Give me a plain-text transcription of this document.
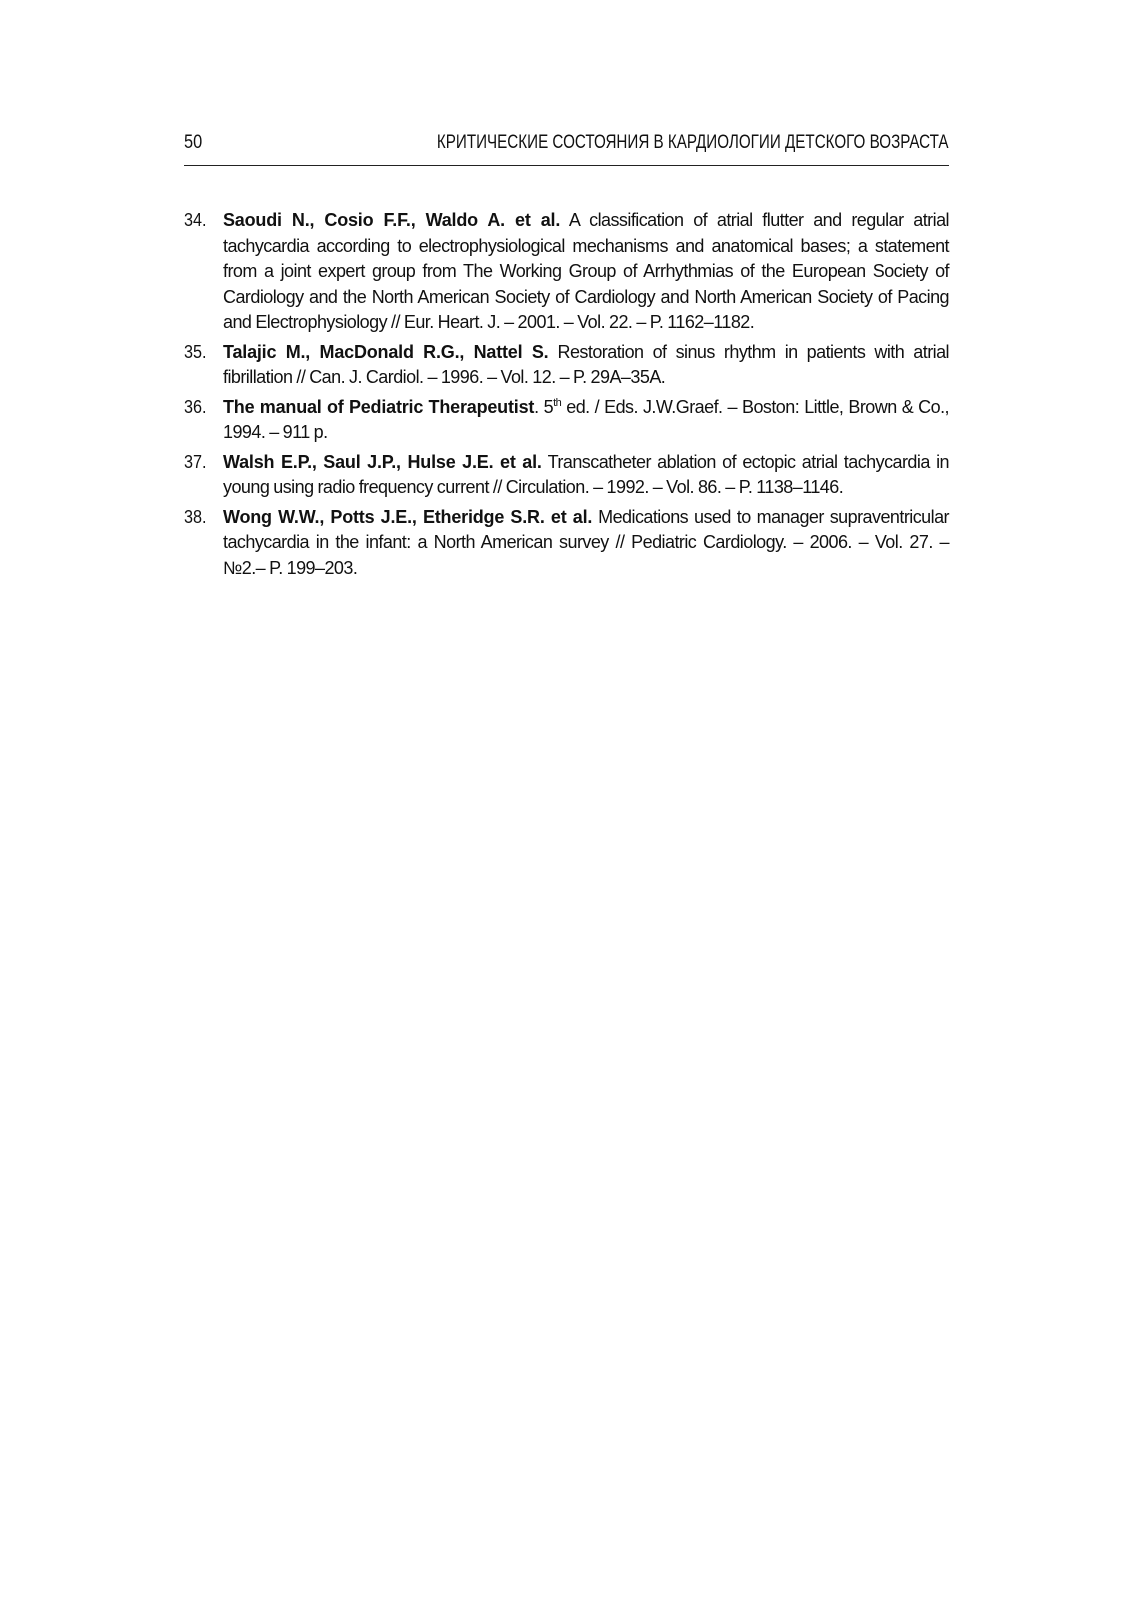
50	КРИТИЧЕСКИЕ СОСТОЯНИЯ В КАРДИОЛОГИИ ДЕТСКОГО ВОЗРАСТА
34. Saoudi N., Cosio F.F., Waldo A. et al. A classification of atrial flutter and regular atrial tachycardia according to electrophysiological mechanisms and anatomical bases; a statement from a joint expert group from The Working Group of Arrhythmias of the European Society of Cardiology and the North American Society of Cardiology and North American Society of Pacing and Electrophysiology // Eur. Heart. J. – 2001. – Vol. 22. – P. 1162–1182.
35. Talajic M., MacDonald R.G., Nattel S. Restoration of sinus rhythm in patients with atrial fibrillation // Can. J. Cardiol. – 1996. – Vol. 12. – P. 29A–35A.
36. The manual of Pediatric Therapeutist. 5th ed. / Eds. J.W.Graef. – Boston: Little, Brown & Co., 1994. – 911 p.
37. Walsh E.P., Saul J.P., Hulse J.E. et al. Transcatheter ablation of ectopic atrial tachycardia in young using radio frequency current // Circulation. – 1992. – Vol. 86. – P. 1138–1146.
38. Wong W.W., Potts J.E., Etheridge S.R. et al. Medications used to manager supraventricular tachycardia in the infant: a North American survey // Pediatric Cardiology. – 2006. – Vol. 27. – №2.– P. 199–203.
